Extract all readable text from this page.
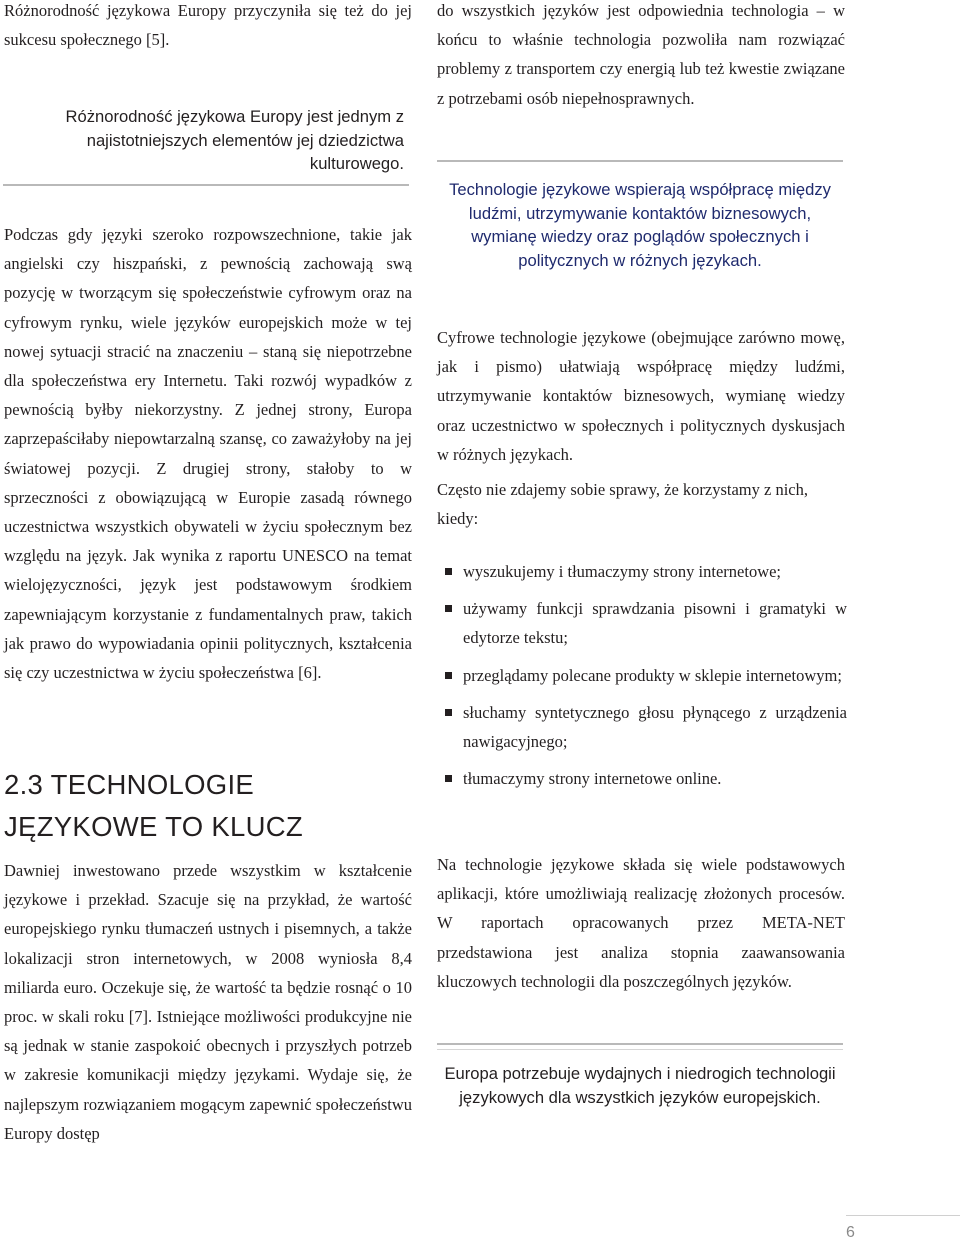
Różnorodność językowa Europy przyczyniła się też do jej sukcesu społecznego [5].

Różnorodność językowa Europy jest jednym z najistotniejszych elementów jej dziedzictwa kulturowego.

Podczas gdy języki szeroko rozpowszechnione, takie jak angielski czy hiszpański, z pewnością zachowają swą pozycję w tworzącym się społeczeństwie cyfrowym oraz na cyfrowym rynku, wiele języków europejskich może w tej nowej sytuacji stracić na znaczeniu – staną się niepotrzebne dla społeczeństwa ery Internetu. Taki rozwój wypadków z pewnością byłby niekorzystny. Z jednej strony, Europa zaprzepaściłaby niepowtarzalną szansę, co zaważyłoby na jej światowej pozycji. Z drugiej strony, stałoby to w sprzeczności z obowiązującą w Europie zasadą równego uczestnictwa wszystkich obywateli w życiu społecznym bez względu na język. Jak wynika z raportu UNESCO na temat wielojęzyczności, język jest podstawowym środkiem zapewniającym korzystanie z fundamentalnych praw, takich jak prawo do wypowiadania opinii politycznych, kształcenia się czy uczestnictwa w życiu społeczeństwa [6].

2.3 TECHNOLOGIE JĘZYKOWE TO KLUCZ

Dawniej inwestowano przede wszystkim w kształcenie językowe i przekład. Szacuje się na przykład, że wartość europejskiego rynku tłumaczeń ustnych i pisemnych, a także lokalizacji stron internetowych, w 2008 wyniosła 8,4 miliarda euro. Oczekuje się, że wartość ta będzie rosnąć o 10 proc. w skali roku [7]. Istniejące możliwości produkcyjne nie są jednak w stanie zaspokoić obecnych i przyszłych potrzeb w zakresie komunikacji między językami. Wydaje się, że najlepszym rozwiązaniem mogącym zapewnić społeczeństwu Europy dostęp

do wszystkich języków jest odpowiednia technologia – w końcu to właśnie technologia pozwoliła nam rozwiązać problemy z transportem czy energią lub też kwestie związane z potrzebami osób niepełnosprawnych.

Technologie językowe wspierają współpracę między ludźmi, utrzymywanie kontaktów biznesowych, wymianę wiedzy oraz poglądów społecznych i politycznych w różnych językach.

Cyfrowe technologie językowe (obejmujące zarówno mowę, jak i pismo) ułatwiają współpracę między ludźmi, utrzymywanie kontaktów biznesowych, wymianę wiedzy oraz uczestnictwo w społecznych i politycznych dyskusjach w różnych językach.

Często nie zdajemy sobie sprawy, że korzystamy z nich, kiedy:

wyszukujemy i tłumaczymy strony internetowe;
używamy funkcji sprawdzania pisowni i gramatyki w edytorze tekstu;
przeglądamy polecane produkty w sklepie internetowym;
słuchamy syntetycznego głosu płynącego z urządzenia nawigacyjnego;
tłumaczymy strony internetowe online.

Na technologie językowe składa się wiele podstawowych aplikacji, które umożliwiają realizację złożonych procesów. W raportach opracowanych przez META-NET przedstawiona jest analiza stopnia zaawansowania kluczowych technologii dla poszczególnych języków.

Europa potrzebuje wydajnych i niedrogich technologii językowych dla wszystkich języków europejskich.
6
